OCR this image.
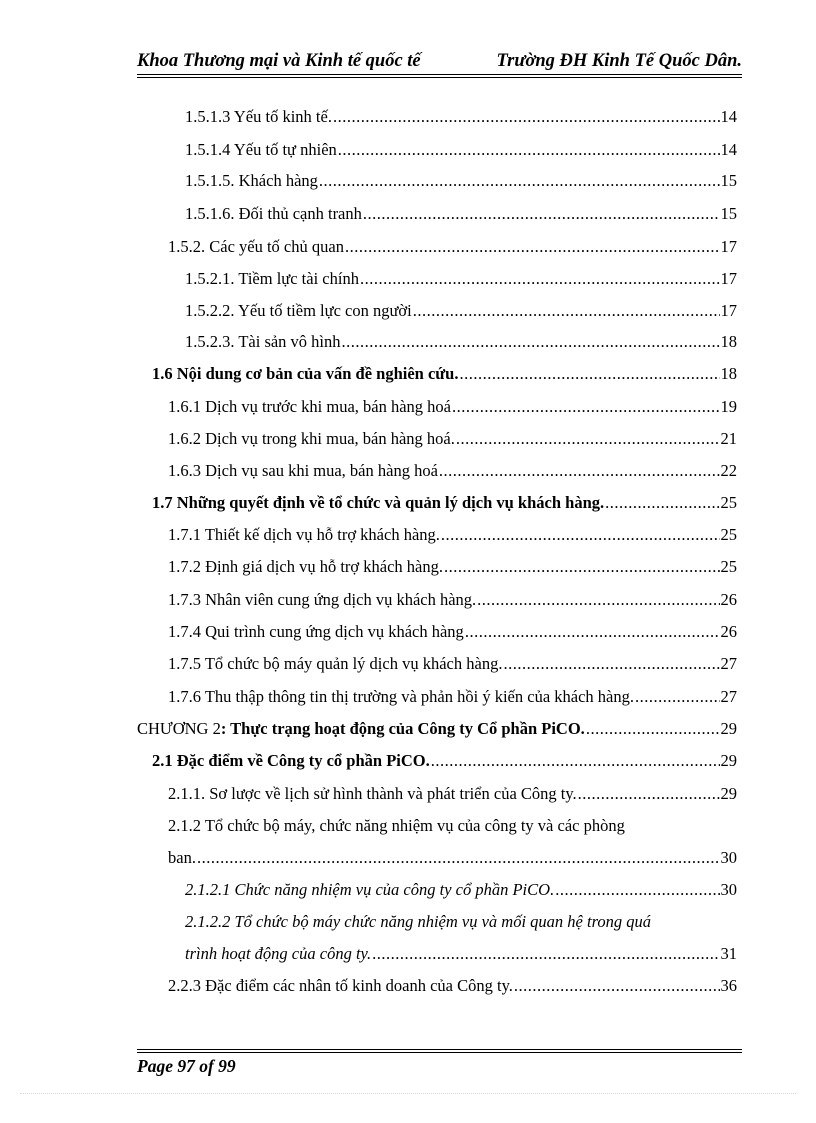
Khoa Thương mại và Kinh tế quốc tế	Trường ĐH Kinh Tế Quốc Dân.
1.5.1.3 Yếu tố kinh tế. .....	14
1.5.1.4 Yếu tố tự nhiên .....	14
1.5.1.5. Khách hàng .....	15
1.5.1.6. Đối thủ cạnh tranh .....	15
1.5.2. Các yếu tố chủ quan .....	17
1.5.2.1. Tiềm lực tài chính .....	17
1.5.2.2. Yếu tố tiềm lực con người .....	17
1.5.2.3. Tài sản vô hình .....	18
1.6 Nội dung cơ bản của vấn đề nghiên cứu. .....	18
1.6.1 Dịch vụ trước khi mua, bán hàng hoá .....	19
1.6.2 Dịch vụ trong khi mua, bán hàng hoá. .....	21
1.6.3 Dịch vụ sau khi mua, bán hàng hoá .....	22
1.7 Những quyết định về tổ chức và quản lý dịch vụ khách hàng. .....	25
1.7.1 Thiết kế dịch vụ hỗ trợ khách hàng. .....	25
1.7.2 Định giá dịch vụ hỗ trợ khách hàng. .....	25
1.7.3 Nhân viên cung ứng dịch vụ khách hàng. .....	26
1.7.4 Qui trình cung ứng dịch vụ khách hàng .....	26
1.7.5 Tổ chức bộ máy quản lý dịch vụ khách hàng. .....	27
1.7.6 Thu thập thông tin thị trường và phản hồi ý kiến của khách hàng. .....	27
CHƯƠNG 2 : Thực trạng hoạt động của Công ty Cổ phần PiCO. .....	29
2.1 Đặc điểm về Công ty cổ phần PiCO. .....	29
2.1.1. Sơ lược về lịch sử hình thành và phát triển của Công ty. .....	29
2.1.2 Tổ chức bộ máy, chức năng nhiệm vụ của công ty và các phòng
ban. .....	30
2.1.2.1 Chức năng nhiệm vụ của công ty cổ phần PiCO. .....	30
2.1.2.2 Tổ chức bộ máy chức năng nhiệm vụ và mối quan hệ trong quá
trình hoạt động của công ty. .....	31
2.2.3 Đặc điểm các nhân tố kinh doanh của Công ty. .....	36
Page 97 of 99
